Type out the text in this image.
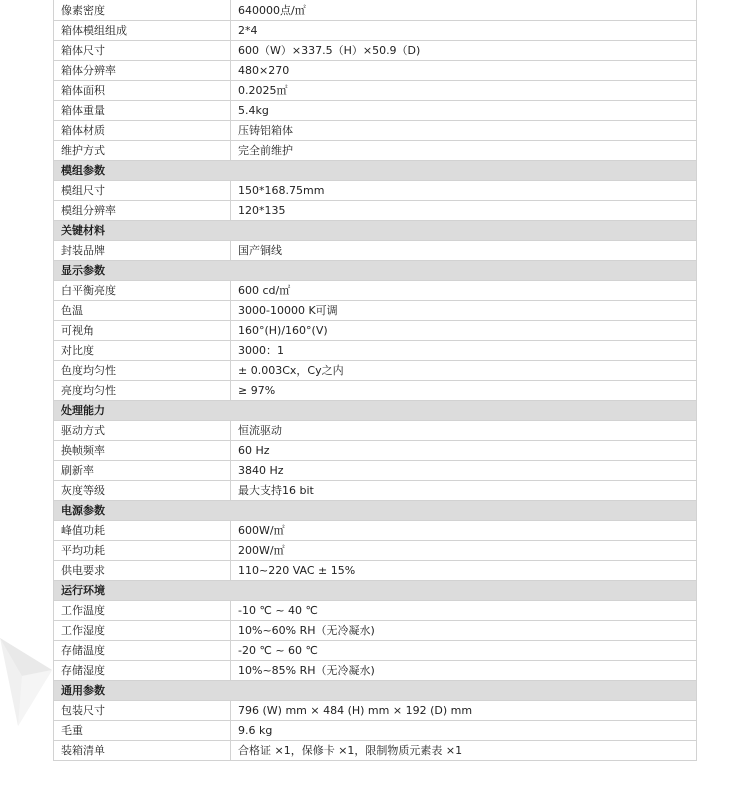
像素密度	640000点/㎡
箱体模组组成	2*4
箱体尺寸	600（W）×337.5（H）×50.9（D)
箱体分辨率	480×270
箱体面积	0.2025㎡
箱体重量	5.4kg
箱体材质	压铸铝箱体
维护方式	完全前维护
模组参数	
模组尺寸	150*168.75mm
模组分辨率	120*135
关键材料	
封装品牌	国产铜线
显示参数	
白平衡亮度	600 cd/㎡
色温	3000-10000 K可调
可视角	160°(H)/160°(V)
对比度	3000：1
色度均匀性	± 0.003Cx，Cy之内
亮度均匀性	≥ 97%
处理能力	
驱动方式	恒流驱动
换帧频率	60 Hz
刷新率	3840 Hz
灰度等级	最大支持16 bit
电源参数	
峰值功耗	600W/㎡
平均功耗	200W/㎡
供电要求	110~220 VAC ± 15%
运行环境	
工作温度	-10 ℃ ~ 40 ℃
工作湿度	10%~60% RH（无冷凝水)
存储温度	-20 ℃ ~ 60 ℃
存储湿度	10%~85% RH（无冷凝水)
通用参数	
包装尺寸	796 (W) mm × 484 (H) mm × 192 (D) mm
毛重	9.6 kg
装箱清单	合格证 ×1，保修卡 ×1，限制物质元素表 ×1
